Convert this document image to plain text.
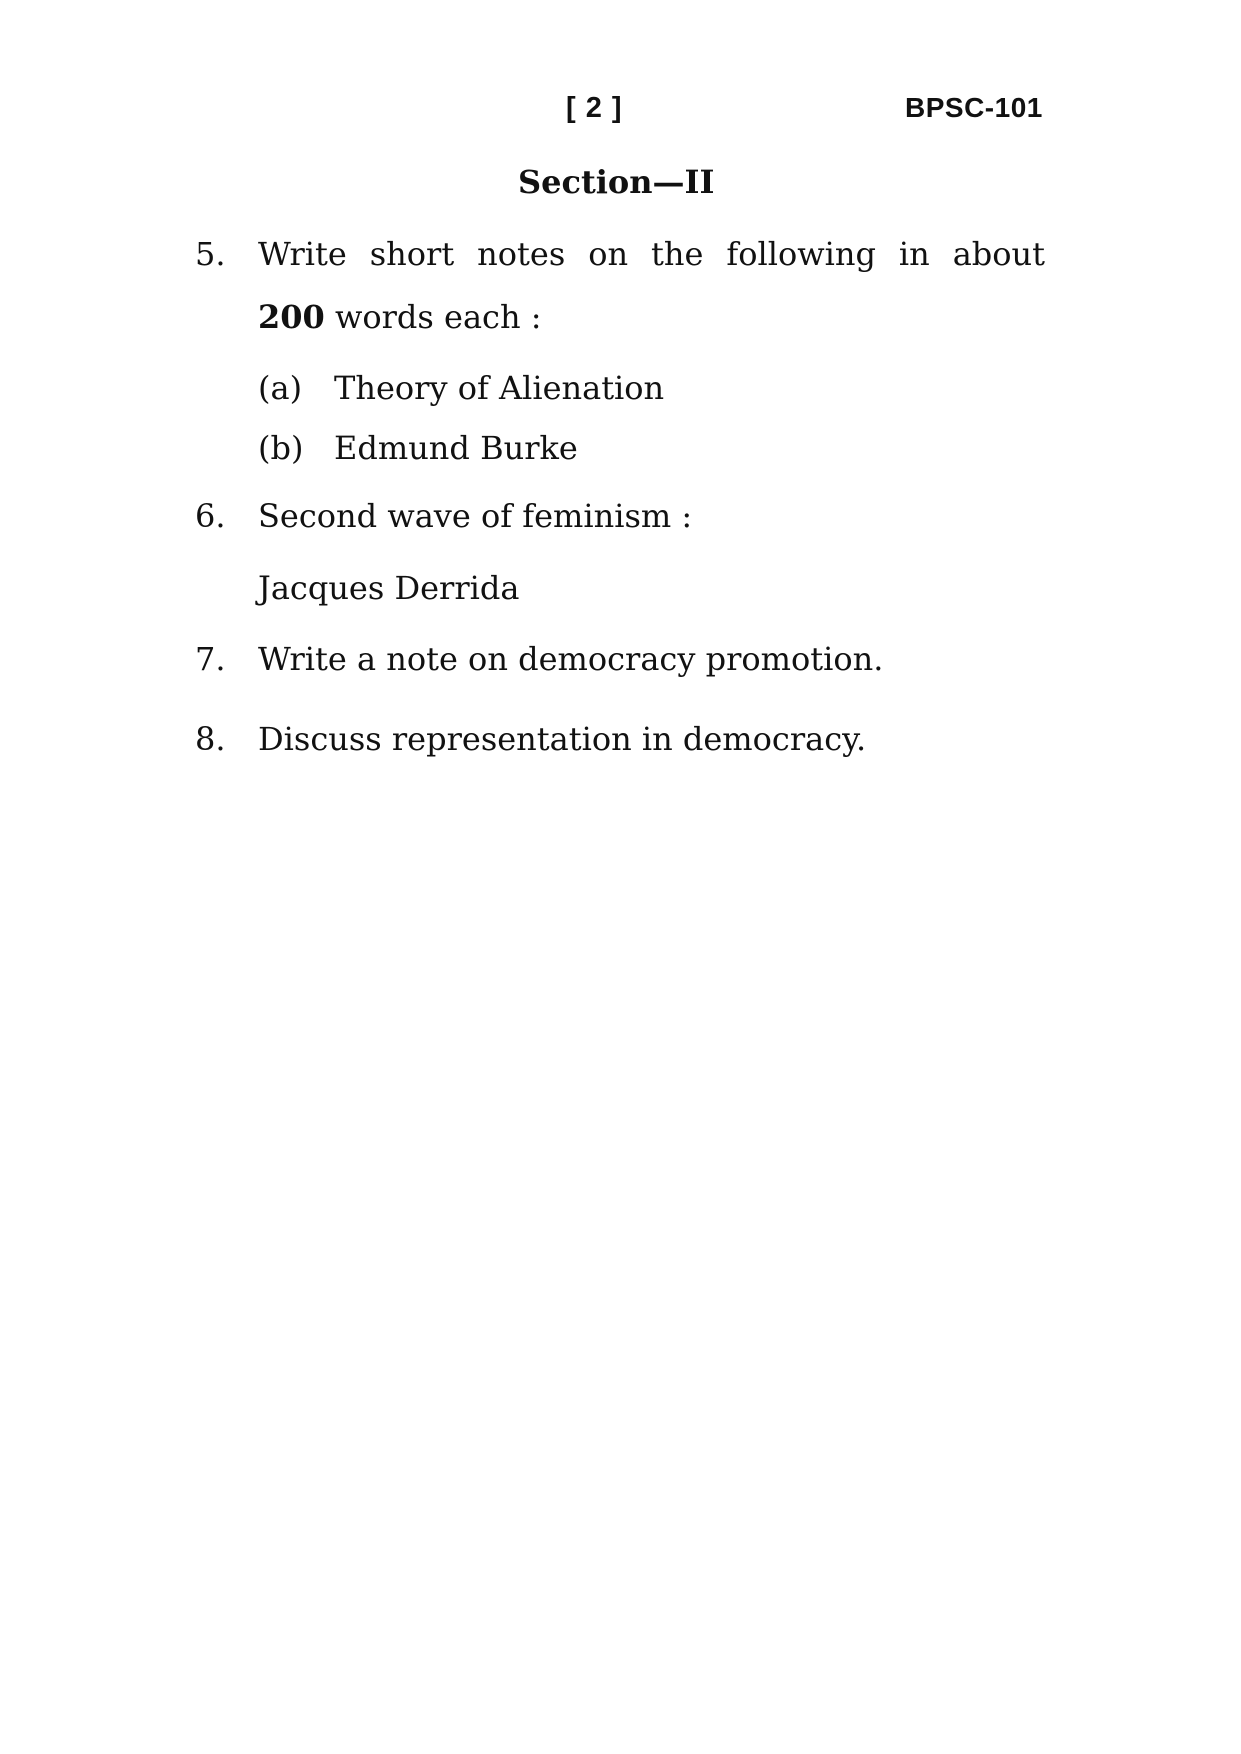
[ 2 ]	BPSC-101
Section—II
5. Write short notes on the following in about
200 words each :
(a) Theory of Alienation
(b) Edmund Burke
6. Second wave of feminism :
Jacques Derrida
7. Write a note on democracy promotion.
8. Discuss representation in democracy.
